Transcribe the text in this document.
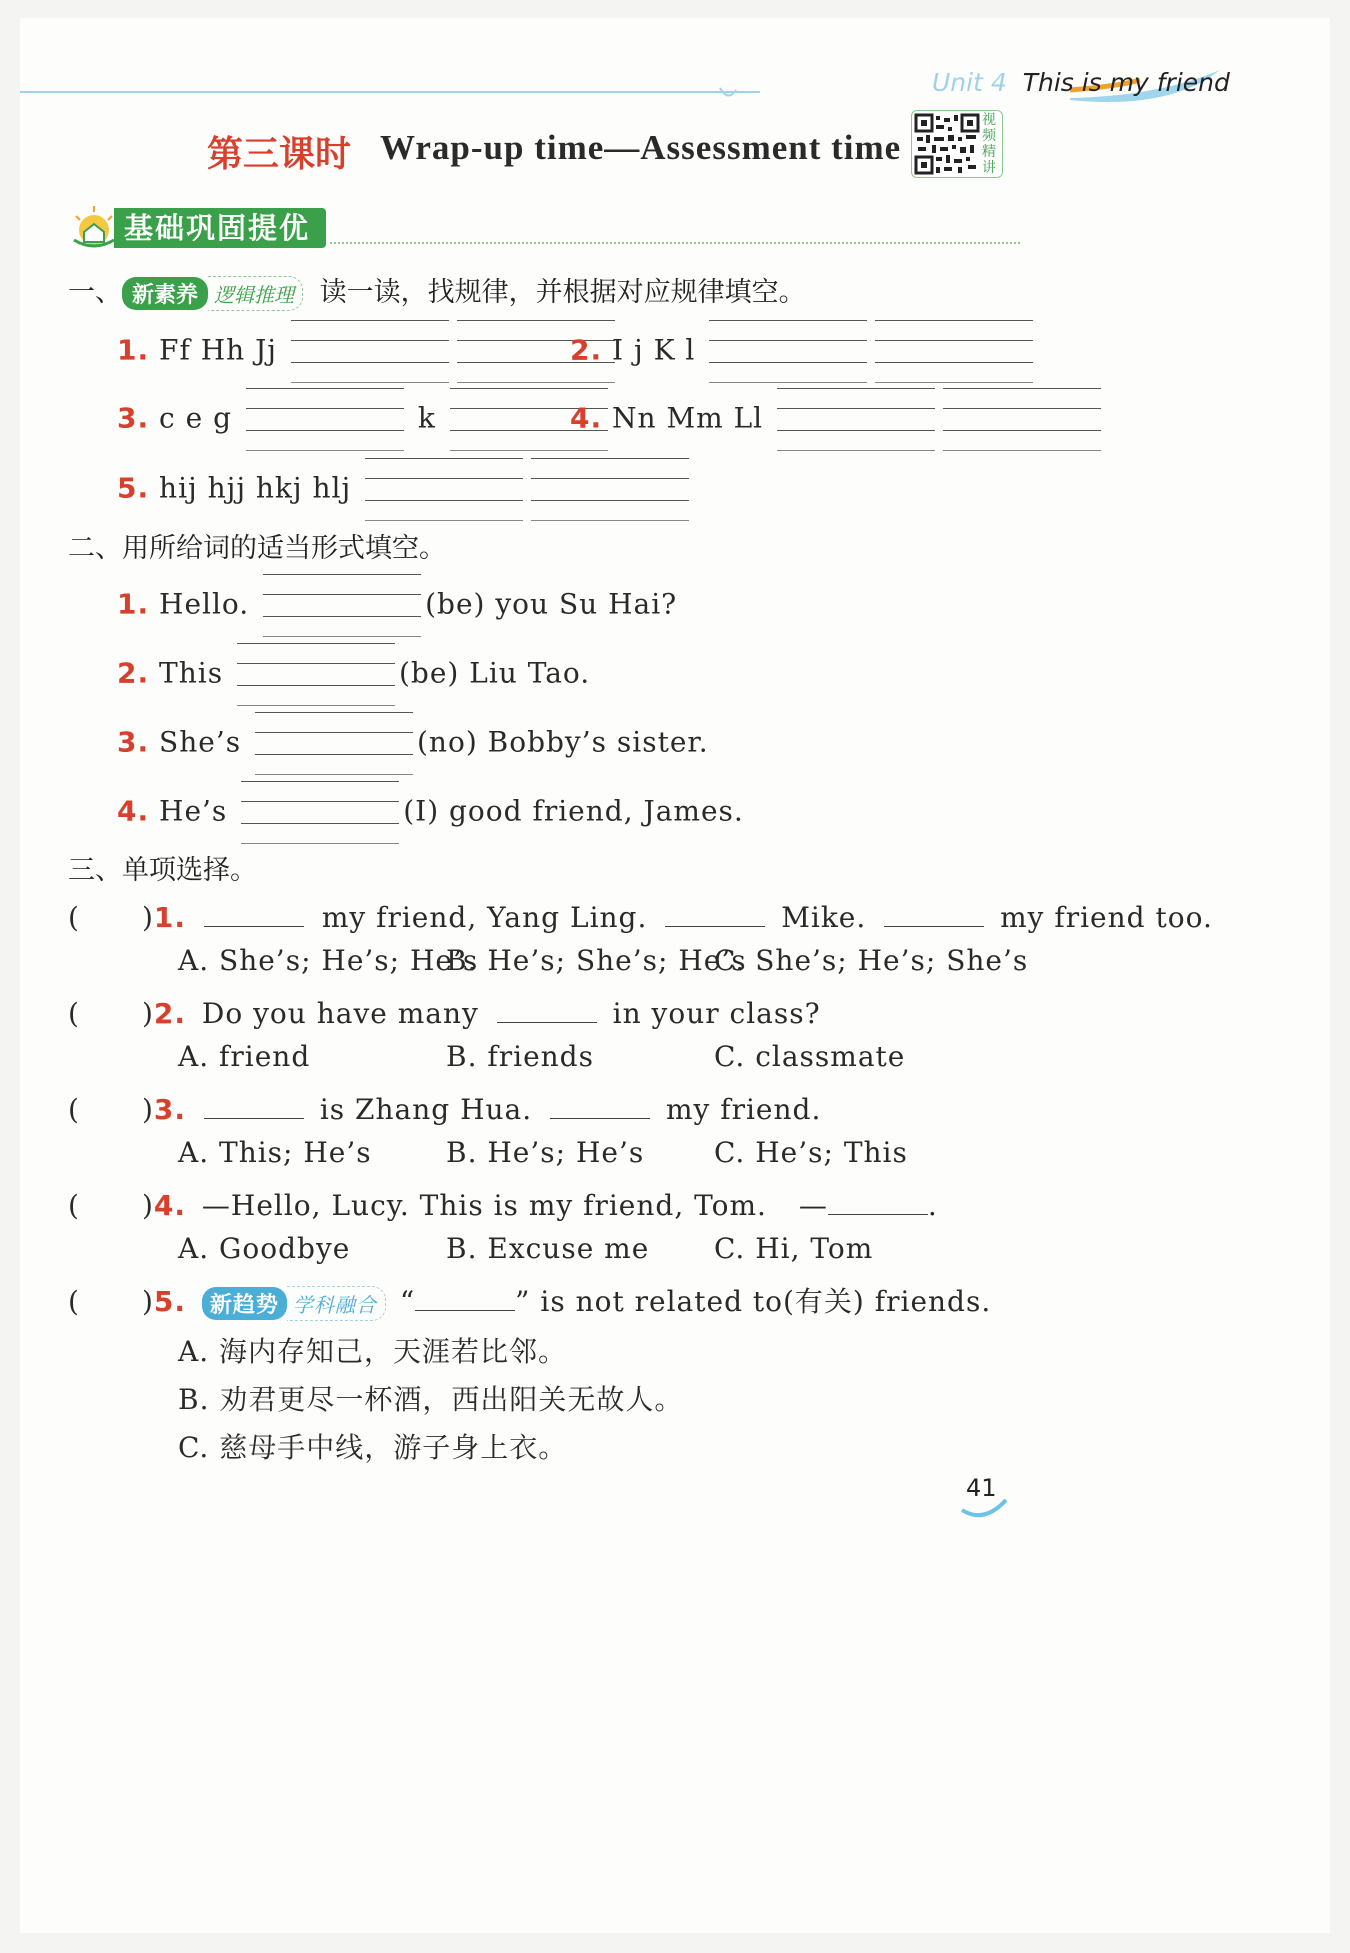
Unit 4 This is my friend
第三课时 Wrap-up time—Assessment time
视频精讲
基础巩固提优
一、 新素养 逻辑推理 读一读，找规律，并根据对应规律填空。
1. Ff Hh Jj	2. I j K l
3. c e g	k	4. Nn Mm Ll
5. hij hjj hkj hlj
二、用所给词的适当形式填空。
1. Hello.	(be) you Su Hai?
2. This	(be) Liu Tao.
3. She’s	(no) Bobby’s sister.
4. He’s	(I) good friend, James.
三、单项选择。
( )1.	my friend, Yang Ling.	Mike.	my friend too.
A. She’s; He’s; He’s
B. He’s; She’s; He’s
C. She’s; He’s; She’s
( )2. Do you have many	in your class?
A. friend	B. friends	C. classmate
( )3.	is Zhang Hua.	my friend.
A. This; He’s	B. He’s; He’s C. He’s; This
( )4. —Hello, Lucy. This is my friend, Tom. —	.
A. Goodbye	B. Excuse me C. Hi, Tom
( )5. 新趋势 学科融合 “	” is not related to(有关) friends.
A. 海内存知己，天涯若比邻。
B. 劝君更尽一杯酒，西出阳关无故人。
C. 慈母手中线，游子身上衣。
41
